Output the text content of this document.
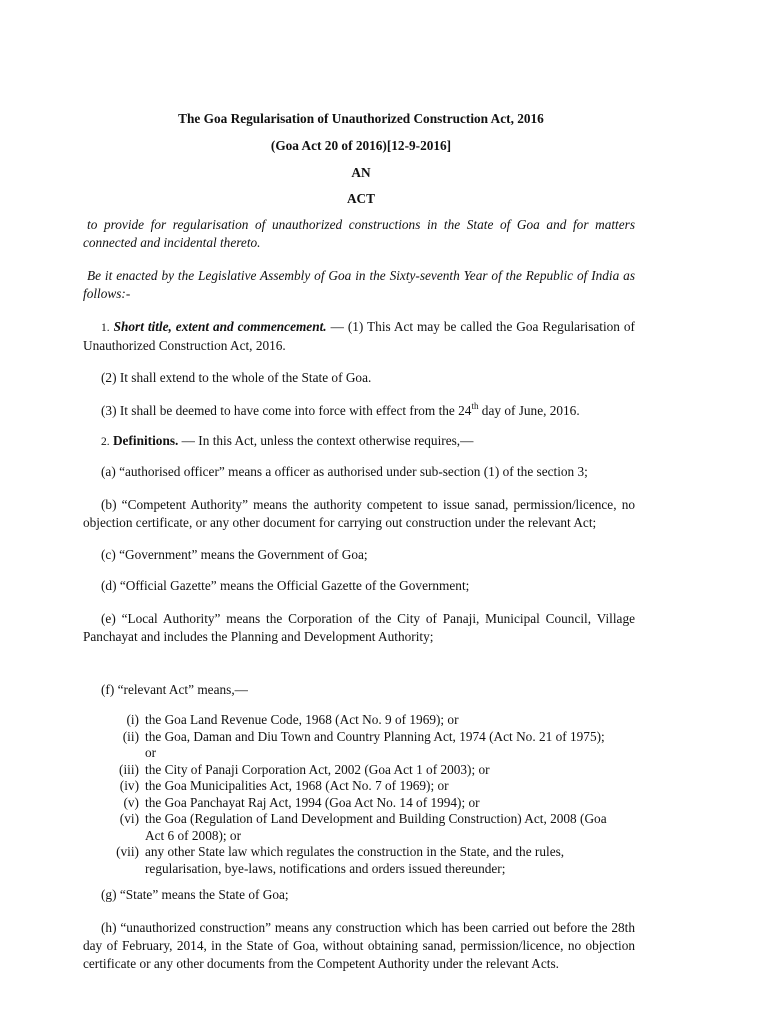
The Goa Regularisation of Unauthorized Construction Act, 2016
(Goa Act 20 of 2016)[12-9-2016]
AN
ACT
to provide for regularisation of unauthorized constructions in the State of Goa and for matters connected and incidental thereto.
Be it enacted by the Legislative Assembly of Goa in the Sixty-seventh Year of the Republic of India as follows:-
1. Short title, extent and commencement. — (1) This Act may be called the Goa Regularisation of Unauthorized Construction Act, 2016.
(2) It shall extend to the whole of the State of Goa.
(3) It shall be deemed to have come into force with effect from the 24th day of June, 2016.
2. Definitions. — In this Act, unless the context otherwise requires,—
(a) “authorised officer” means a officer as authorised under sub-section (1) of the section 3;
(b) “Competent Authority” means the authority competent to issue sanad, permission/licence, no objection certificate, or any other document for carrying out construction under the relevant Act;
(c) “Government” means the Government of Goa;
(d) “Official Gazette” means the Official Gazette of the Government;
(e) “Local Authority” means the Corporation of the City of Panaji, Municipal Council, Village Panchayat and includes the Planning and Development Authority;
(f) “relevant Act” means,—
(i) the Goa Land Revenue Code, 1968 (Act No. 9 of 1969); or
(ii) the Goa, Daman and Diu Town and Country Planning Act, 1974 (Act No. 21 of 1975);
or
(iii) the City of Panaji Corporation Act, 2002 (Goa Act 1 of 2003); or
(iv) the Goa Municipalities Act, 1968 (Act No. 7 of 1969); or
(v) the Goa Panchayat Raj Act, 1994 (Goa Act No. 14 of 1994); or
(vi) the Goa (Regulation of Land Development and Building Construction) Act, 2008 (Goa
Act 6 of 2008); or
(vii) any other State law which regulates the construction in the State, and the rules,
regularisation, bye-laws, notifications and orders issued thereunder;
(g) “State” means the State of Goa;
(h) “unauthorized construction” means any construction which has been carried out before the 28th day of February, 2014, in the State of Goa, without obtaining sanad, permission/licence, no objection certificate or any other documents from the Competent Authority under the relevant Acts.
